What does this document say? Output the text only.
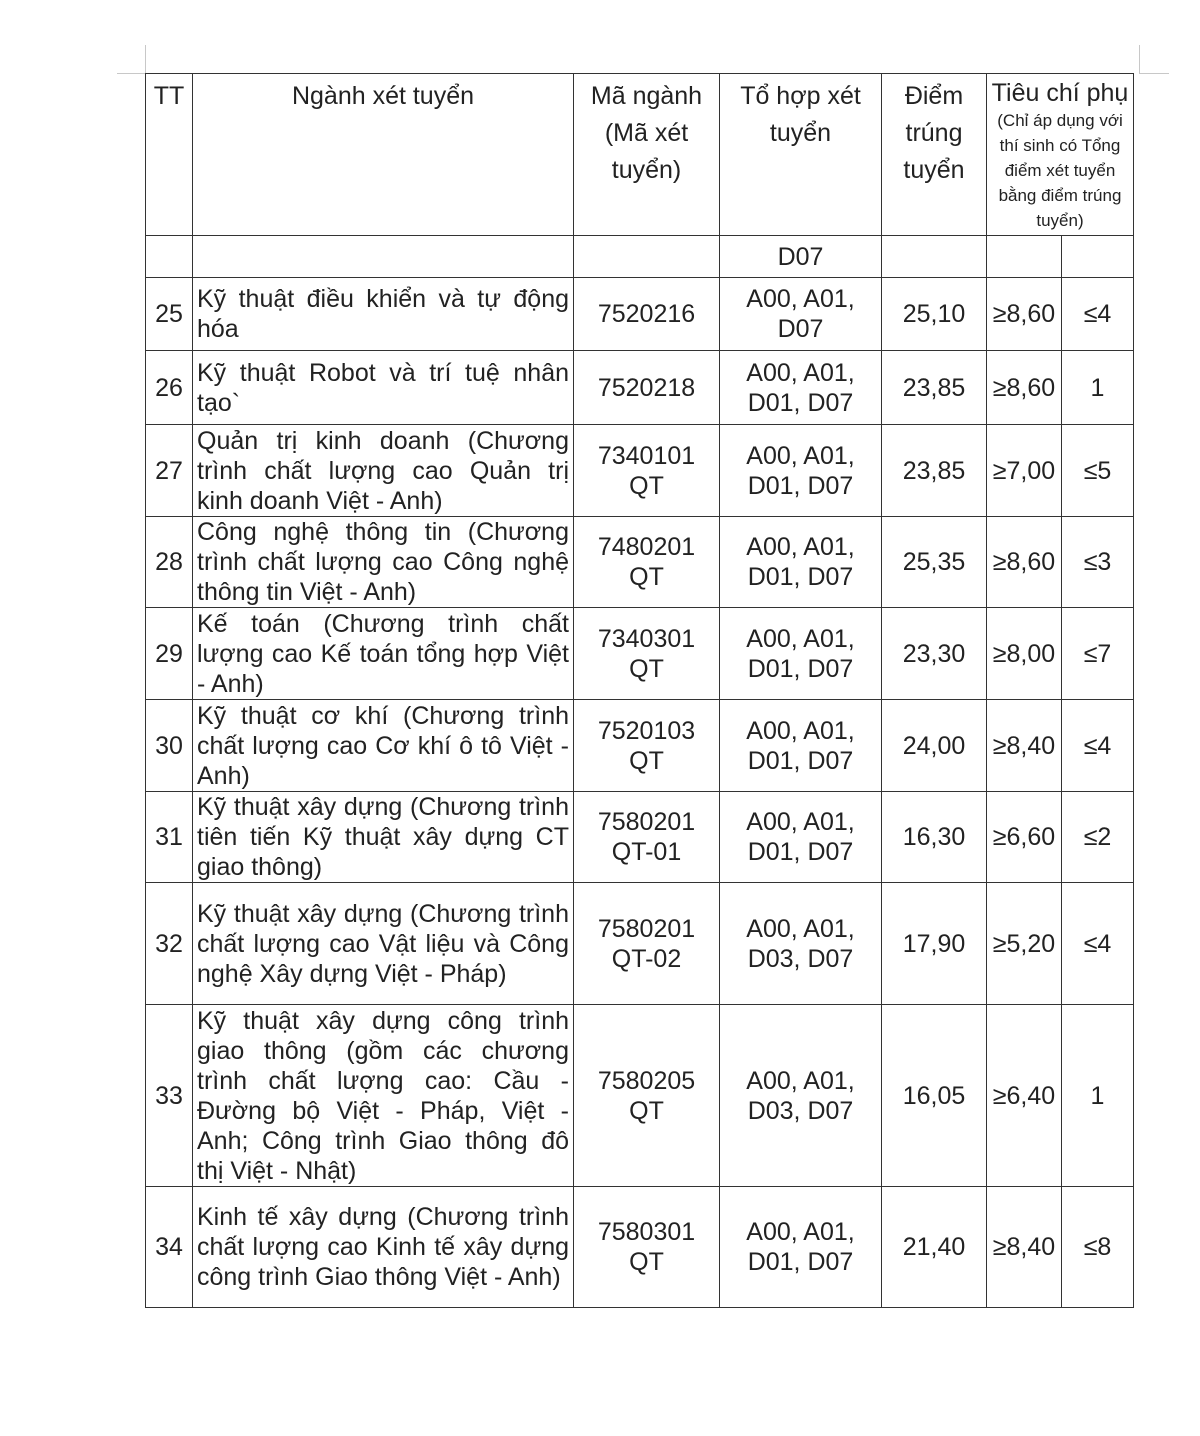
TT	Ngành xét tuyển	Mã ngành (Mã xét tuyển)	Tổ hợp xét tuyển	Điểm trúng tuyển	Tiêu chí phụ
(Chỉ áp dụng với thí sinh có Tổng điểm xét tuyển bằng điểm trúng tuyển)	

			D07			
25	Kỹ thuật điều khiển và tự động hóa	7520216	A00, A01, D07	25,10	≥8,60	≤4
26	Kỹ thuật Robot và trí tuệ nhân tạo`	7520218	A00, A01, D01, D07	23,85	≥8,60	1
27	Quản trị kinh doanh (Chương trình chất lượng cao Quản trị kinh doanh Việt - Anh)	7340101 QT	A00, A01, D01, D07	23,85	≥7,00	≤5
28	Công nghệ thông tin (Chương trình chất lượng cao Công nghệ thông tin Việt - Anh)	7480201 QT	A00, A01, D01, D07	25,35	≥8,60	≤3
29	Kế toán (Chương trình chất lượng cao Kế toán tổng hợp Việt - Anh)	7340301 QT	A00, A01, D01, D07	23,30	≥8,00	≤7
30	Kỹ thuật cơ khí (Chương trình chất lượng cao Cơ khí ô tô Việt - Anh)	7520103 QT	A00, A01, D01, D07	24,00	≥8,40	≤4
31	Kỹ thuật xây dựng (Chương trình tiên tiến Kỹ thuật xây dựng CT giao thông)	7580201 QT-01	A00, A01, D01, D07	16,30	≥6,60	≤2
32	Kỹ thuật xây dựng (Chương trình chất lượng cao Vật liệu và Công nghệ Xây dựng Việt - Pháp)	7580201 QT-02	A00, A01, D03, D07	17,90	≥5,20	≤4
33	Kỹ thuật xây dựng công trình giao thông (gồm các chương trình chất lượng cao: Cầu - Đường bộ Việt - Pháp, Việt - Anh; Công trình Giao thông đô thị Việt - Nhật)	7580205 QT	A00, A01, D03, D07	16,05	≥6,40	1
34	Kinh tế xây dựng (Chương trình chất lượng cao Kinh tế xây dựng công trình Giao thông Việt - Anh)	7580301 QT	A00, A01, D01, D07	21,40	≥8,40	≤8
